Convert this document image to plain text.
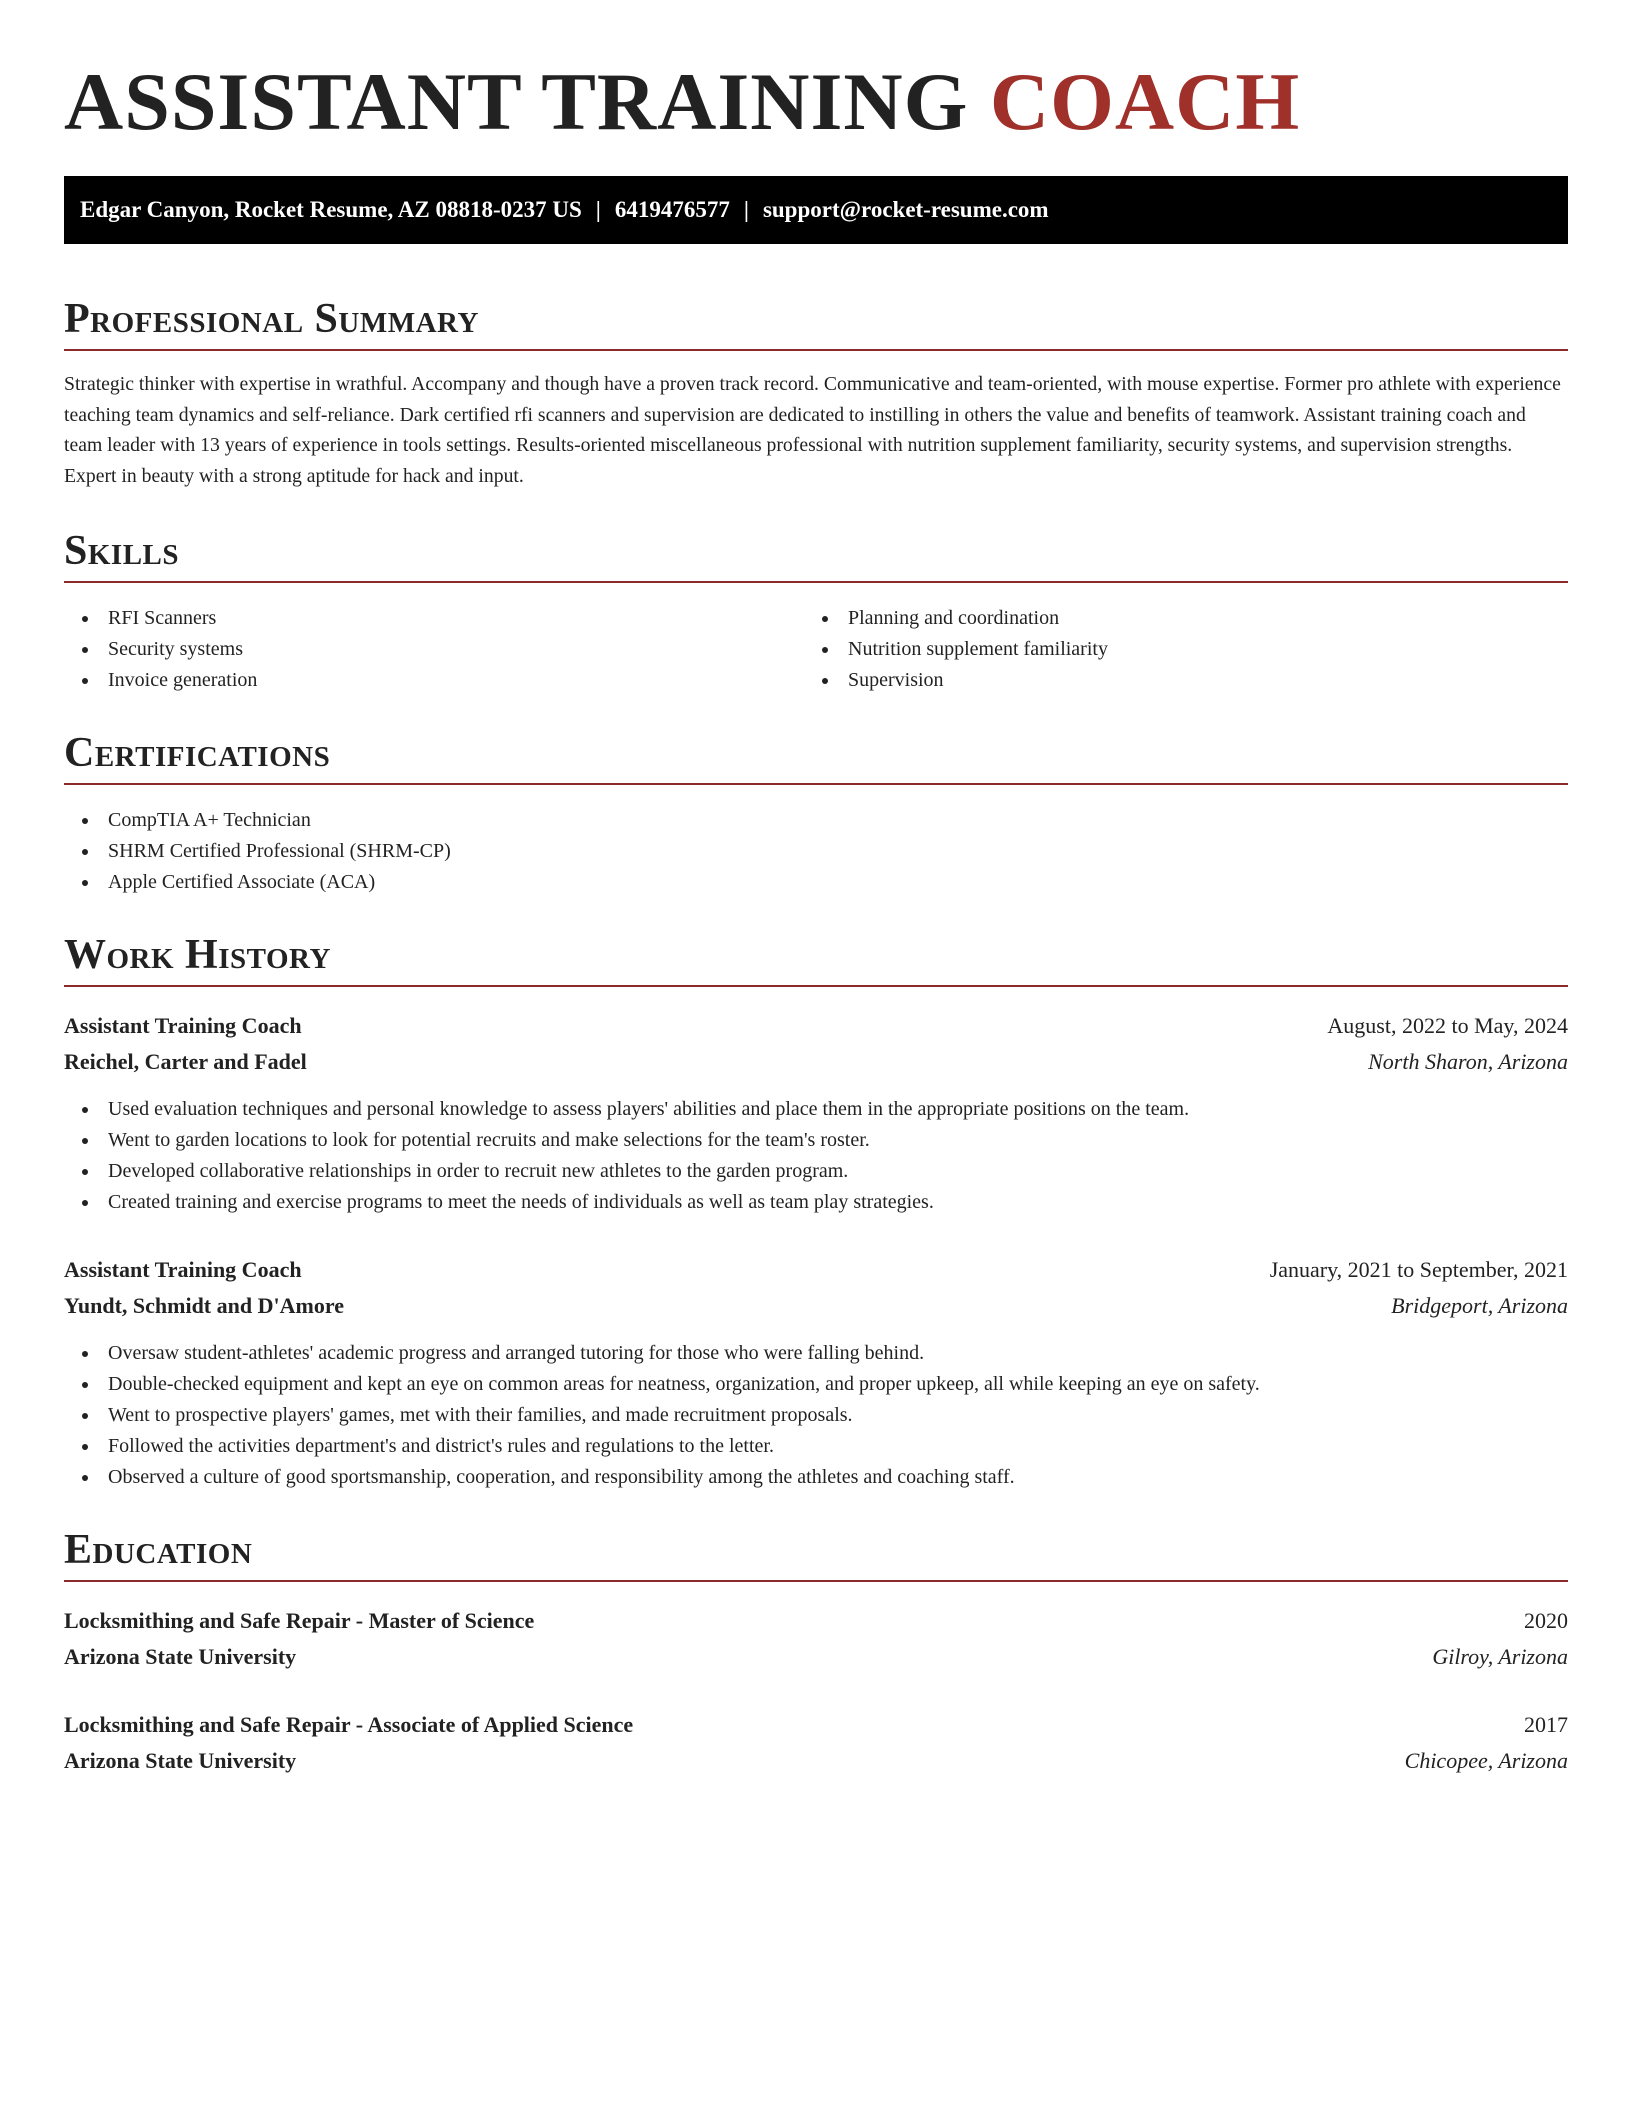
ASSISTANT TRAINING COACH
Edgar Canyon, Rocket Resume, AZ 08818-0237 US | 6419476577 | support@rocket-resume.com
Professional Summary

Strategic thinker with expertise in wrathful. Accompany and though have a proven track record. Communicative and team-oriented, with mouse expertise. Former pro athlete with experience teaching team dynamics and self-reliance. Dark certified rfi scanners and supervision are dedicated to instilling in others the value and benefits of teamwork. Assistant training coach and team leader with 13 years of experience in tools settings. Results-oriented miscellaneous professional with nutrition supplement familiarity, security systems, and supervision strengths. Expert in beauty with a strong aptitude for hack and input.

Skills
RFI Scanners
Security systems
Invoice generation
Planning and coordination
Nutrition supplement familiarity
Supervision
Certifications
CompTIA A+ Technician
SHRM Certified Professional (SHRM-CP)
Apple Certified Associate (ACA)
Work History
Assistant Training Coach	August, 2022 to May, 2024
Reichel, Carter and Fadel	North Sharon, Arizona
Used evaluation techniques and personal knowledge to assess players' abilities and place them in the appropriate positions on the team.
Went to garden locations to look for potential recruits and make selections for the team's roster.
Developed collaborative relationships in order to recruit new athletes to the garden program.
Created training and exercise programs to meet the needs of individuals as well as team play strategies.
Assistant Training Coach	January, 2021 to September, 2021
Yundt, Schmidt and D'Amore	Bridgeport, Arizona
Oversaw student-athletes' academic progress and arranged tutoring for those who were falling behind.
Double-checked equipment and kept an eye on common areas for neatness, organization, and proper upkeep, all while keeping an eye on safety.
Went to prospective players' games, met with their families, and made recruitment proposals.
Followed the activities department's and district's rules and regulations to the letter.
Observed a culture of good sportsmanship, cooperation, and responsibility among the athletes and coaching staff.
Education
Locksmithing and Safe Repair - Master of Science	2020
Arizona State University	Gilroy, Arizona
Locksmithing and Safe Repair - Associate of Applied Science	2017
Arizona State University	Chicopee, Arizona
